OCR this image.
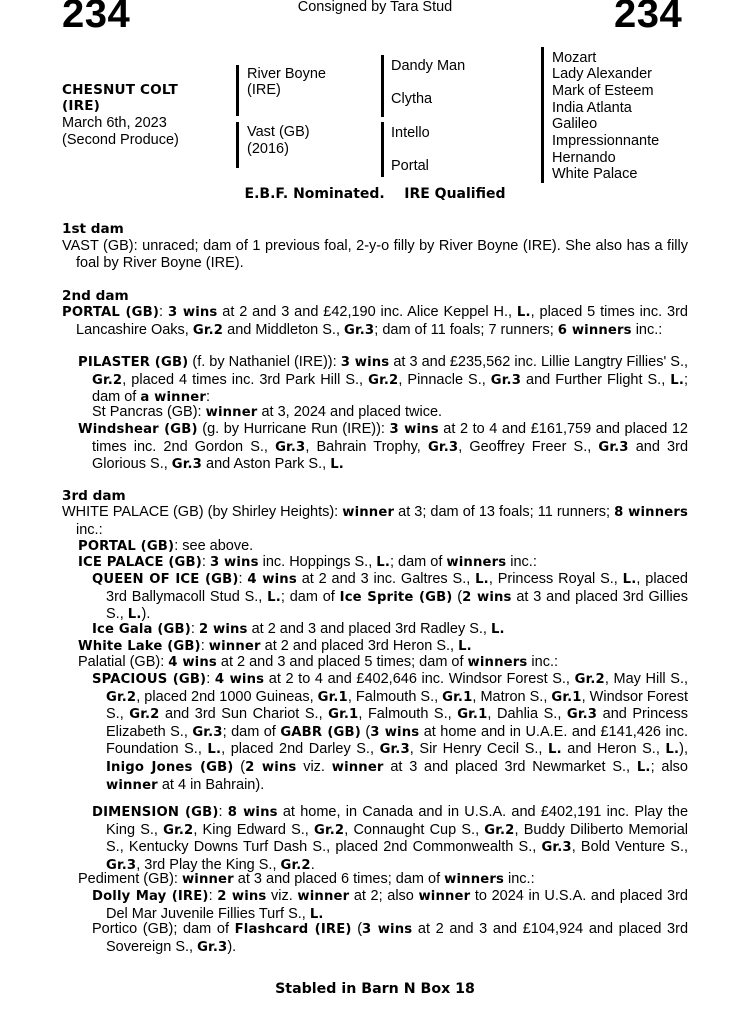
234	Consigned by Tara Stud	234
CHESNUT COLT
(IRE)
March 6th, 2023
(Second Produce)
River Boyne
(IRE)
Vast (GB)
(2016)
Dandy Man
Clytha
Intello
Portal
Mozart
Lady Alexander
Mark of Esteem
India Atlanta
Galileo
Impressionnante
Hernando
White Palace
E.B.F. Nominated. IRE Qualified
1st dam
VAST (GB): unraced; dam of 1 previous foal, 2-y-o filly by River Boyne (IRE). She also has a filly foal by River Boyne (IRE).
2nd dam
PORTAL (GB): 3 wins at 2 and 3 and £42,190 inc. Alice Keppel H., L., placed 5 times inc. 3rd Lancashire Oaks, Gr.2 and Middleton S., Gr.3; dam of 11 foals; 7 runners; 6 winners inc.:
PILASTER (GB) (f. by Nathaniel (IRE)): 3 wins at 3 and £235,562 inc. Lillie Langtry Fillies' S., Gr.2, placed 4 times inc. 3rd Park Hill S., Gr.2, Pinnacle S., Gr.3 and Further Flight S., L.; dam of a winner:
St Pancras (GB): winner at 3, 2024 and placed twice.
Windshear (GB) (g. by Hurricane Run (IRE)): 3 wins at 2 to 4 and £161,759 and placed 12 times inc. 2nd Gordon S., Gr.3, Bahrain Trophy, Gr.3, Geoffrey Freer S., Gr.3 and 3rd Glorious S., Gr.3 and Aston Park S., L.
3rd dam
WHITE PALACE (GB) (by Shirley Heights): winner at 3; dam of 13 foals; 11 runners; 8 winners inc.:
PORTAL (GB): see above.
ICE PALACE (GB): 3 wins inc. Hoppings S., L.; dam of winners inc.:
QUEEN OF ICE (GB): 4 wins at 2 and 3 inc. Galtres S., L., Princess Royal S., L., placed 3rd Ballymacoll Stud S., L.; dam of Ice Sprite (GB) (2 wins at 3 and placed 3rd Gillies S., L.).
Ice Gala (GB): 2 wins at 2 and 3 and placed 3rd Radley S., L.
White Lake (GB): winner at 2 and placed 3rd Heron S., L.
Palatial (GB): 4 wins at 2 and 3 and placed 5 times; dam of winners inc.:
SPACIOUS (GB): 4 wins at 2 to 4 and £402,646 inc. Windsor Forest S., Gr.2, May Hill S., Gr.2, placed 2nd 1000 Guineas, Gr.1, Falmouth S., Gr.1, Matron S., Gr.1, Windsor Forest S., Gr.2 and 3rd Sun Chariot S., Gr.1, Falmouth S., Gr.1, Dahlia S., Gr.3 and Princess Elizabeth S., Gr.3; dam of GABR (GB) (3 wins at home and in U.A.E. and £141,426 inc. Foundation S., L., placed 2nd Darley S., Gr.3, Sir Henry Cecil S., L. and Heron S., L.), Inigo Jones (GB) (2 wins viz. winner at 3 and placed 3rd Newmarket S., L.; also winner at 4 in Bahrain).
DIMENSION (GB): 8 wins at home, in Canada and in U.S.A. and £402,191 inc. Play the King S., Gr.2, King Edward S., Gr.2, Connaught Cup S., Gr.2, Buddy Diliberto Memorial S., Kentucky Downs Turf Dash S., placed 2nd Commonwealth S., Gr.3, Bold Venture S., Gr.3, 3rd Play the King S., Gr.2.
Pediment (GB): winner at 3 and placed 6 times; dam of winners inc.:
Dolly May (IRE): 2 wins viz. winner at 2; also winner to 2024 in U.S.A. and placed 3rd Del Mar Juvenile Fillies Turf S., L.
Portico (GB); dam of Flashcard (IRE) (3 wins at 2 and 3 and £104,924 and placed 3rd Sovereign S., Gr.3).
Stabled in Barn N Box 18
